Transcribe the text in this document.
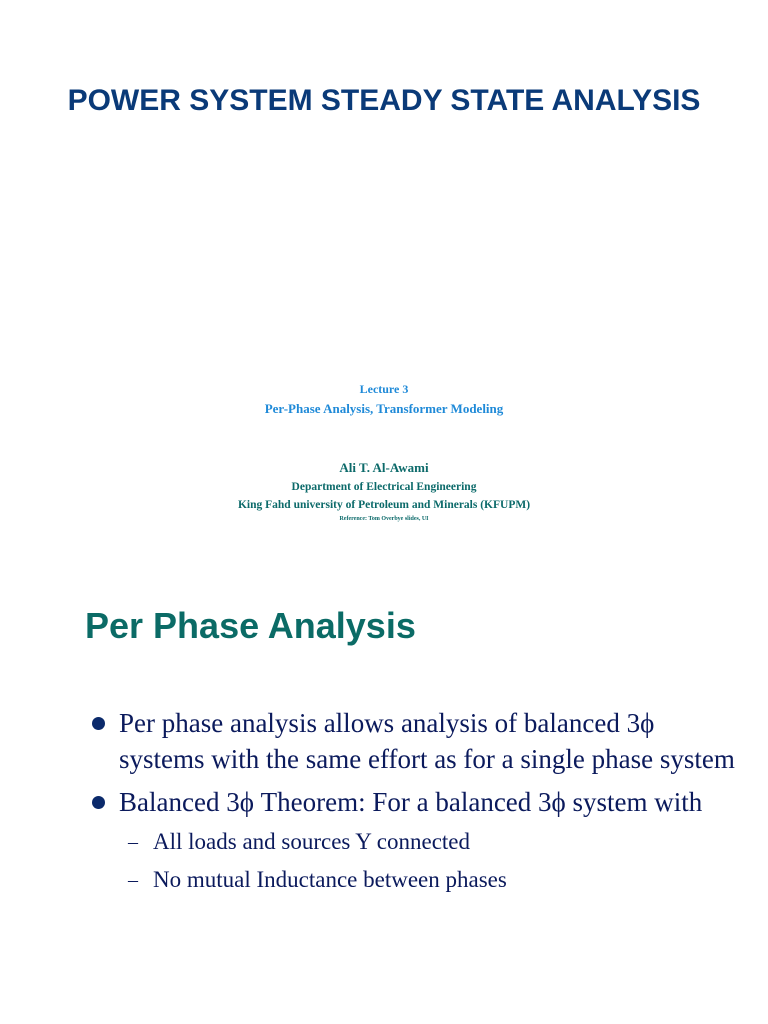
POWER SYSTEM STEADY STATE ANALYSIS

Lecture 3

Per-Phase Analysis, Transformer Modeling

Ali T. Al-Awami

Department of Electrical Engineering

King Fahd university of Petroleum and Minerals (KFUPM)

Reference: Tom Overbye slides, UI

Per Phase Analysis
Per phase analysis allows analysis of balanced 3ϕ systems with the same effort as for a single phase system
Balanced 3ϕ Theorem: For a balanced 3ϕ system with
– All loads and sources Y connected
– No mutual Inductance between phases
